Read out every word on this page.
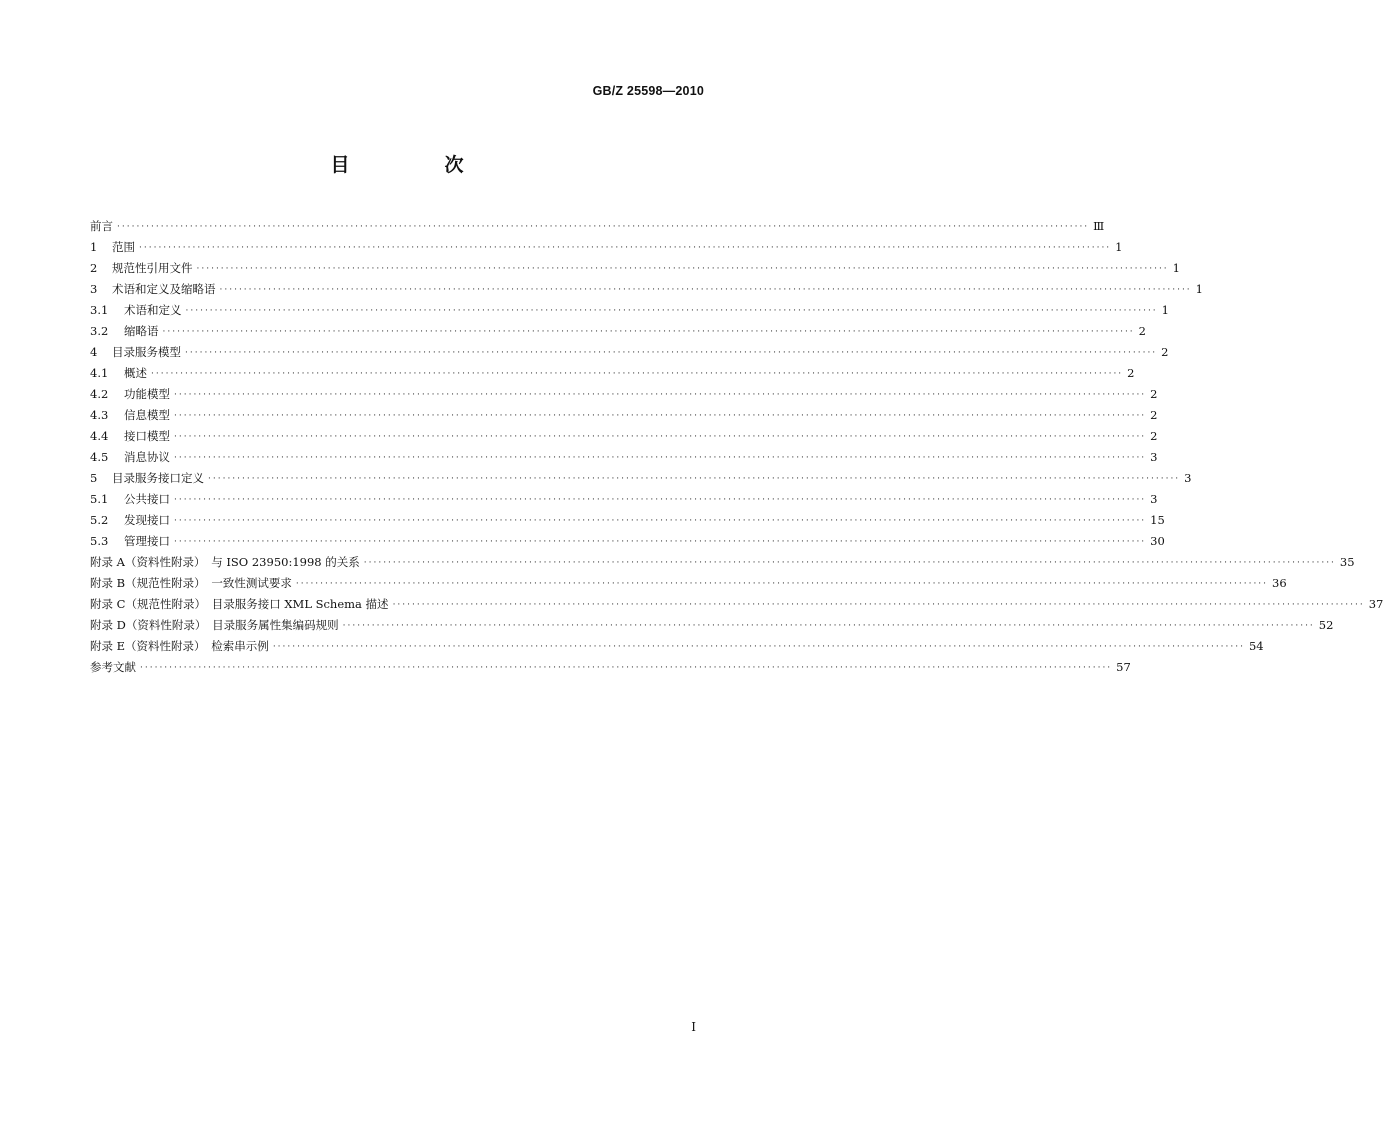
GB/Z 25598—2010
目　次
前言 ········································································································································································································ Ⅲ
1	范围 ········································································································································································································ 1
2	规范性引用文件 ········································································································································································································ 1
3	术语和定义及缩略语 ········································································································································································································ 1
3.1	术语和定义 ········································································································································································································ 1
3.2	缩略语 ········································································································································································································ 2
4	目录服务模型 ········································································································································································································ 2
4.1	概述 ········································································································································································································ 2
4.2	功能模型 ········································································································································································································ 2
4.3	信息模型 ········································································································································································································ 2
4.4	接口模型 ········································································································································································································ 2
4.5	消息协议 ········································································································································································································ 3
5	目录服务接口定义 ········································································································································································································ 3
5.1	公共接口 ········································································································································································································ 3
5.2	发现接口 ········································································································································································································ 15
5.3	管理接口 ········································································································································································································ 30
附录 A（资料性附录）　与 ISO 23950:1998 的关系 ········································································································································································································ 35
附录 B（规范性附录）　一致性测试要求 ········································································································································································································ 36
附录 C（规范性附录）　目录服务接口 XML Schema 描述 ········································································································································································································ 37
附录 D（资料性附录）　目录服务属性集编码规则 ········································································································································································································ 52
附录 E（资料性附录）　检索串示例 ········································································································································································································ 54
参考文献 ········································································································································································································ 57
Ⅰ
